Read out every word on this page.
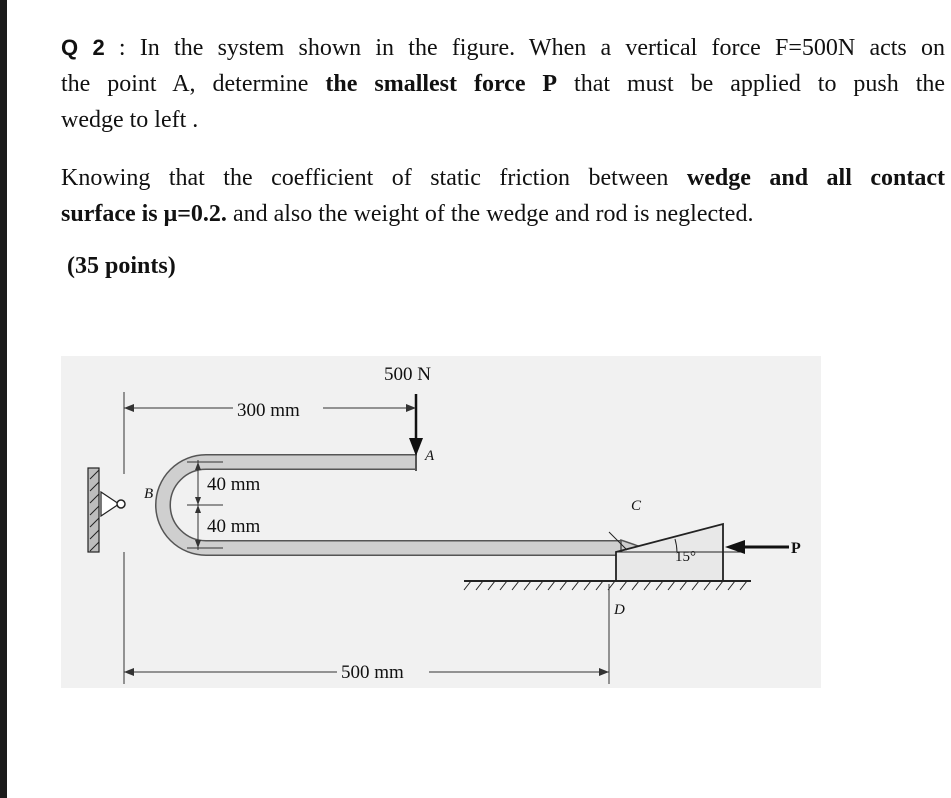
Q 2 : In the system shown in the figure. When a vertical force F=500N acts on
the point A, determine the smallest force P that must be applied to push the
wedge to left .
Knowing that the coefficient of static friction between wedge and all contact
surface is μ=0.2. and also the weight of the wedge and rod is neglected.

(35 points)

500 N
300 mm
40 mm
40 mm
500 mm
A
B
C
D
P
15°
